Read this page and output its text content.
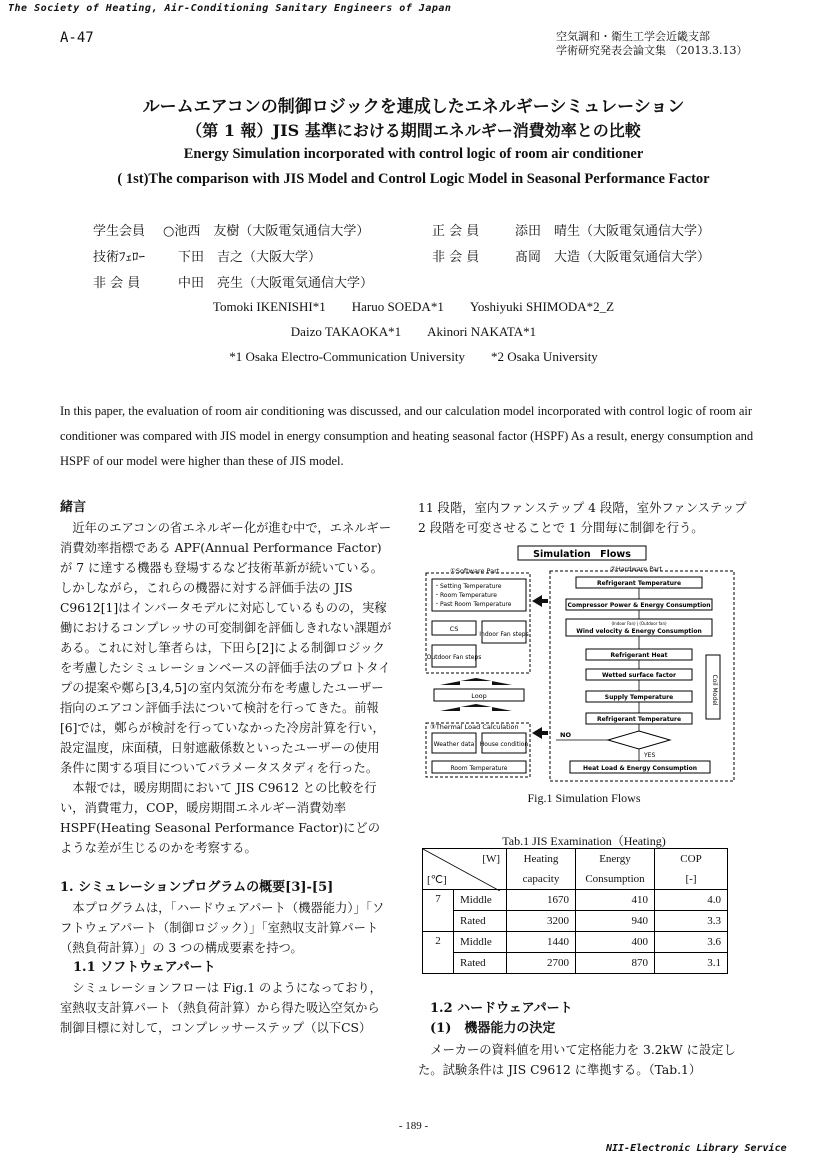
The Society of Heating, Air-Conditioning Sanitary Engineers of Japan
A-47	空気調和・衛生工学会近畿支部
学術研究発表会論文集 （2013.3.13）
ルームエアコンの制御ロジックを連成したエネルギーシミュレーション
（第 1 報）JIS 基準における期間エネルギー消費効率との比較
Energy Simulation incorporated with control logic of room air conditioner
( 1st)The comparison with JIS Model and Control Logic Model in Seasonal Performance Factor
学生会員 ○池西　友樹（大阪電気通信大学）
技術ﾌｪﾛｰ	下田　吉之（大阪大学）
非 会 員	中田　亮生（大阪電気通信大学）
正 会 員	添田　晴生（大阪電気通信大学）
非 会 員	髙岡　大造（大阪電気通信大学）
Tomoki IKENISHI*1　　Haruo SOEDA*1　　Yoshiyuki SHIMODA*2_Z
Daizo TAKAOKA*1　　Akinori NAKATA*1
*1 Osaka Electro-Communication University　　*2 Osaka University
In this paper, the evaluation of room air conditioning was discussed, and our calculation model incorporated with control logic of room air conditioner was compared with JIS model in energy consumption and heating seasonal factor (HSPF) As a result, energy consumption and HSPF of our model were higher than these of JIS model.
緒言
近年のエアコンの省エネルギー化が進む中で，エネルギー消費効率指標である APF(Annual Performance Factor)が 7 に達する機器も登場するなど技術革新が続いている。しかしながら，これらの機器に対する評価手法の JIS C9612[1]はインバータモデルに対応しているものの，実稼働におけるコンプレッサの可変制御を評価しきれない課題がある。これに対し筆者らは，下田ら[2]による制御ロジックを考慮したシミュレーションベースの評価手法のプロトタイプの提案や鄭ら[3,4,5]の室内気流分布を考慮したユーザー指向のエアコン評価手法について検討を行ってきた。前報[6]では，鄭らが検討を行っていなかった冷房計算を行い，設定温度，床面積，日射遮蔽係数といったユーザーの使用条件に関する項目についてパラメータスタディを行った。
本報では，暖房期間において JIS C9612 との比較を行い，消費電力，COP，暖房期間エネルギー消費効率 HSPF(Heating Seasonal Performance Factor)にどのような差が生じるのかを考察する。
1. シミュレーションプログラムの概要[3]-[5]
本プログラムは，「ハードウェアパート（機器能力）」「ソフトウェアパート（制御ロジック）」「室熱収支計算パート（熱負荷計算）」の 3 つの構成要素を持つ。
1.1 ソフトウェアパート
シミュレーションフローは Fig.1 のようになっており，室熱収支計算パート（熱負荷計算）から得た吸込空気から制御目標に対して，コンプレッサーステップ（以下CS）
11 段階，室内ファンステップ 4 段階，室外ファンステップ 2 段階を可変させることで 1 分間毎に制御を行う。
Simulation　Flows
①Software Part
・Setting Temperature
・Room Temperature
・Past Room Temperature
CS
Indoor Fan steps
Outdoor Fan steps
Loop
③Thermal Load Calculation
Weather data House condition
Room Temperature
②Hardware Part
Refrigerant Temperature
Compressor Power & Energy Consumption
(Indoor Fan) | (Outdoor fan)
Wind velocity & Energy Consumption
Refrigerant Heat
Wetted surface factor
Supply Temperature
Refrigerant Temperature
Coil Model
NO
YES
Heat Load & Energy Consumption
Fig.1 Simulation Flows
Tab.1 JIS Examination（Heating)
[W]
[℃]		Heating	Energy	COP
		capacity	Consumption	[-]
7	Middle	1670	410	4.0
	Rated	3200	940	3.3
2	Middle	1440	400	3.6
	Rated	2700	870	3.1
1.2 ハードウェアパート
(1)　機器能力の決定
メーカーの資料値を用いて定格能力を 3.2kW に設定した。試験条件は JIS C9612 に準拠する。（Tab.1）
- 189 -
NII-Electronic Library Service
